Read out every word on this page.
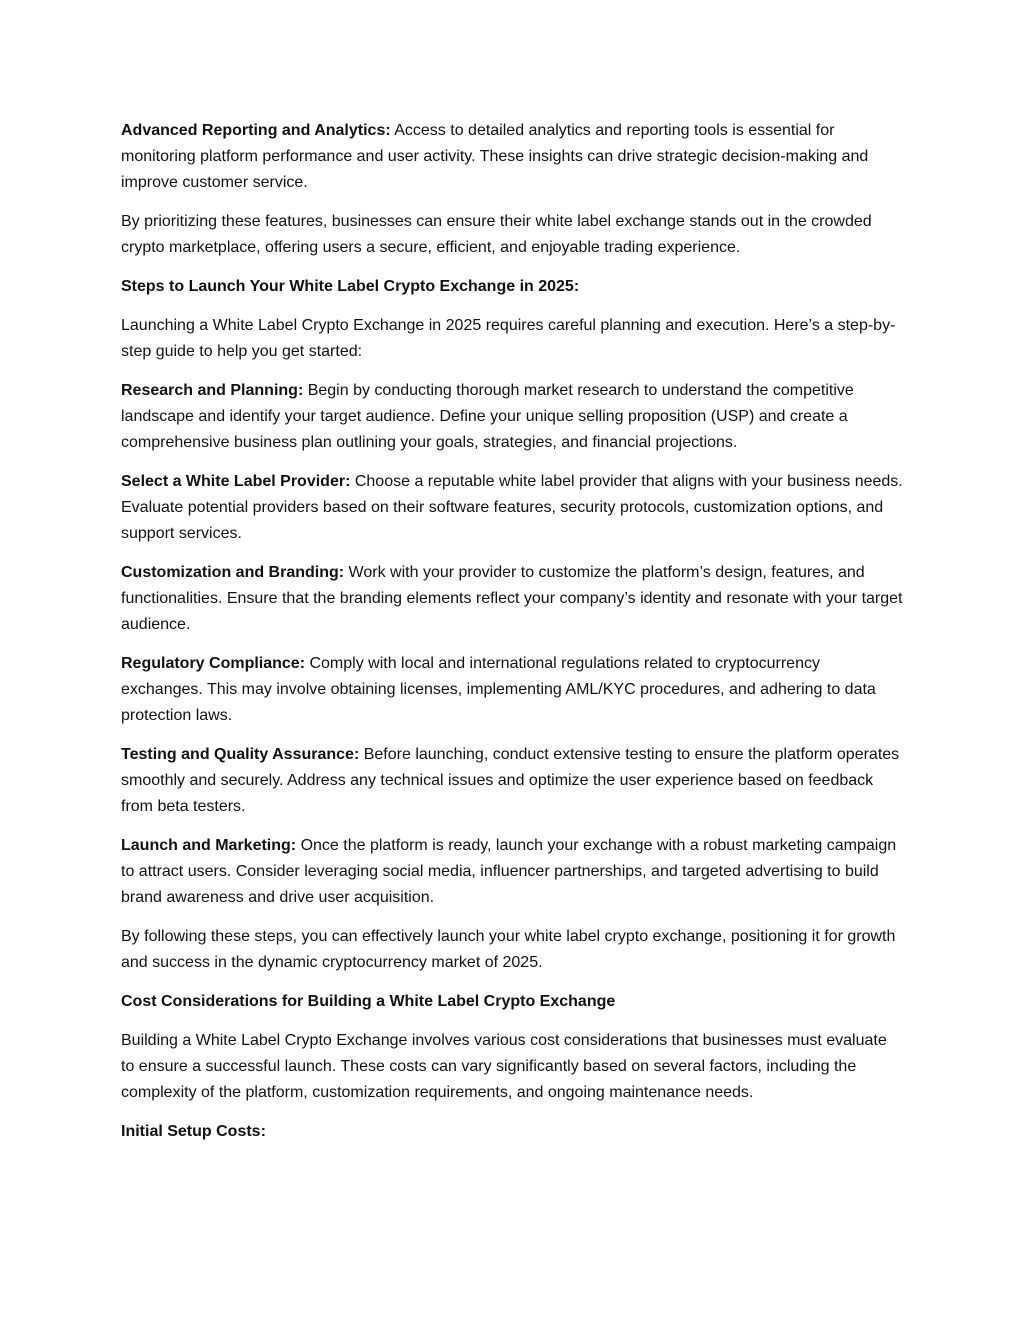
Advanced Reporting and Analytics: Access to detailed analytics and reporting tools is essential for monitoring platform performance and user activity. These insights can drive strategic decision-making and improve customer service.

By prioritizing these features, businesses can ensure their white label exchange stands out in the crowded crypto marketplace, offering users a secure, efficient, and enjoyable trading experience.

Steps to Launch Your White Label Crypto Exchange in 2025:

Launching a White Label Crypto Exchange in 2025 requires careful planning and execution. Here’s a step-by-step guide to help you get started:

Research and Planning: Begin by conducting thorough market research to understand the competitive landscape and identify your target audience. Define your unique selling proposition (USP) and create a comprehensive business plan outlining your goals, strategies, and financial projections.

Select a White Label Provider: Choose a reputable white label provider that aligns with your business needs. Evaluate potential providers based on their software features, security protocols, customization options, and support services.

Customization and Branding: Work with your provider to customize the platform’s design, features, and functionalities. Ensure that the branding elements reflect your company’s identity and resonate with your target audience.

Regulatory Compliance: Comply with local and international regulations related to cryptocurrency exchanges. This may involve obtaining licenses, implementing AML/KYC procedures, and adhering to data protection laws.

Testing and Quality Assurance: Before launching, conduct extensive testing to ensure the platform operates smoothly and securely. Address any technical issues and optimize the user experience based on feedback from beta testers.

Launch and Marketing: Once the platform is ready, launch your exchange with a robust marketing campaign to attract users. Consider leveraging social media, influencer partnerships, and targeted advertising to build brand awareness and drive user acquisition.

By following these steps, you can effectively launch your white label crypto exchange, positioning it for growth and success in the dynamic cryptocurrency market of 2025.

Cost Considerations for Building a White Label Crypto Exchange

Building a White Label Crypto Exchange involves various cost considerations that businesses must evaluate to ensure a successful launch. These costs can vary significantly based on several factors, including the complexity of the platform, customization requirements, and ongoing maintenance needs.

Initial Setup Costs:
